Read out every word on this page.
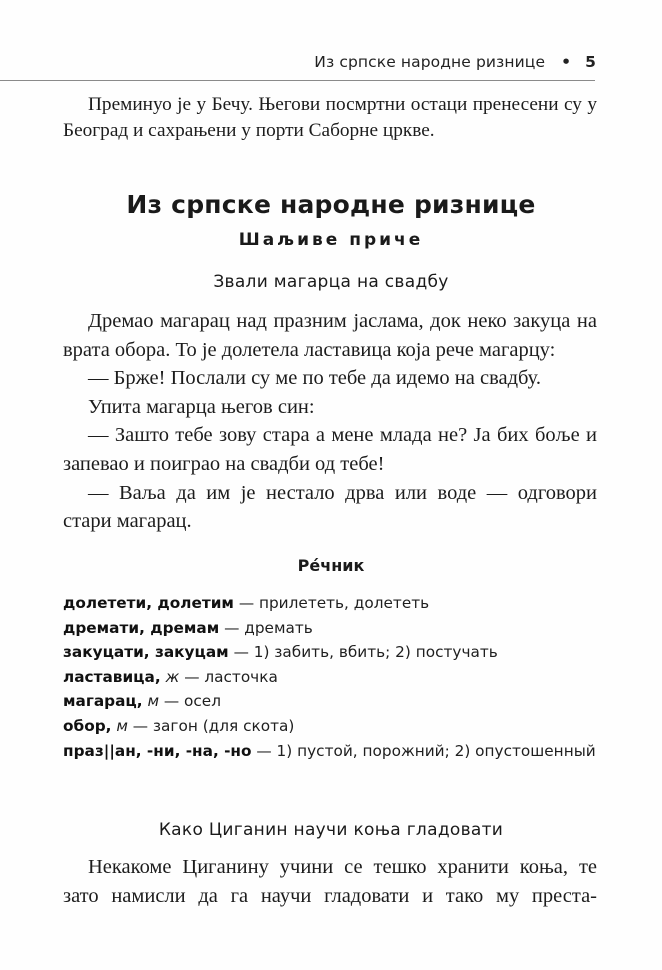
Из српске народне ризнице • 5

Преминуо је у Бечу. Његови посмртни остаци пренесени су у Београд и сахрањени у порти Саборне цркве.

Из српске народне ризнице
Шаљиве приче
Звали магарца на свадбу

Дремао магарац над празним јаслама, док неко закуца на врата обора. То је долетела ластавица која рече магарцу:

— Брже! Послали су ме по тебе да идемо на свадбу.

Упита магарца његов син:

— Зашто тебе зову стара а мене млада не? Ја бих боље и запевао и поиграо на свадби од тебе!

— Ваља да им је нестало дрва или воде — одговори стари магарац.

Ре́чник

долетети, долетим — прилететь, долететь

дремати, дремам — дремать

закуцати, закуцам — 1) забить, вбить; 2) постучать

ластавица, ж — ласточка

магарац, м — осел

обор, м — загон (для скота)

праз||ан, -ни, -на, -но — 1) пустой, порожний; 2) опустошенный

Како Циганин научи коња гладовати

Некакоме Циганину учини се тешко хранити коња, те зато намисли да га научи гладовати и тако му преста-
